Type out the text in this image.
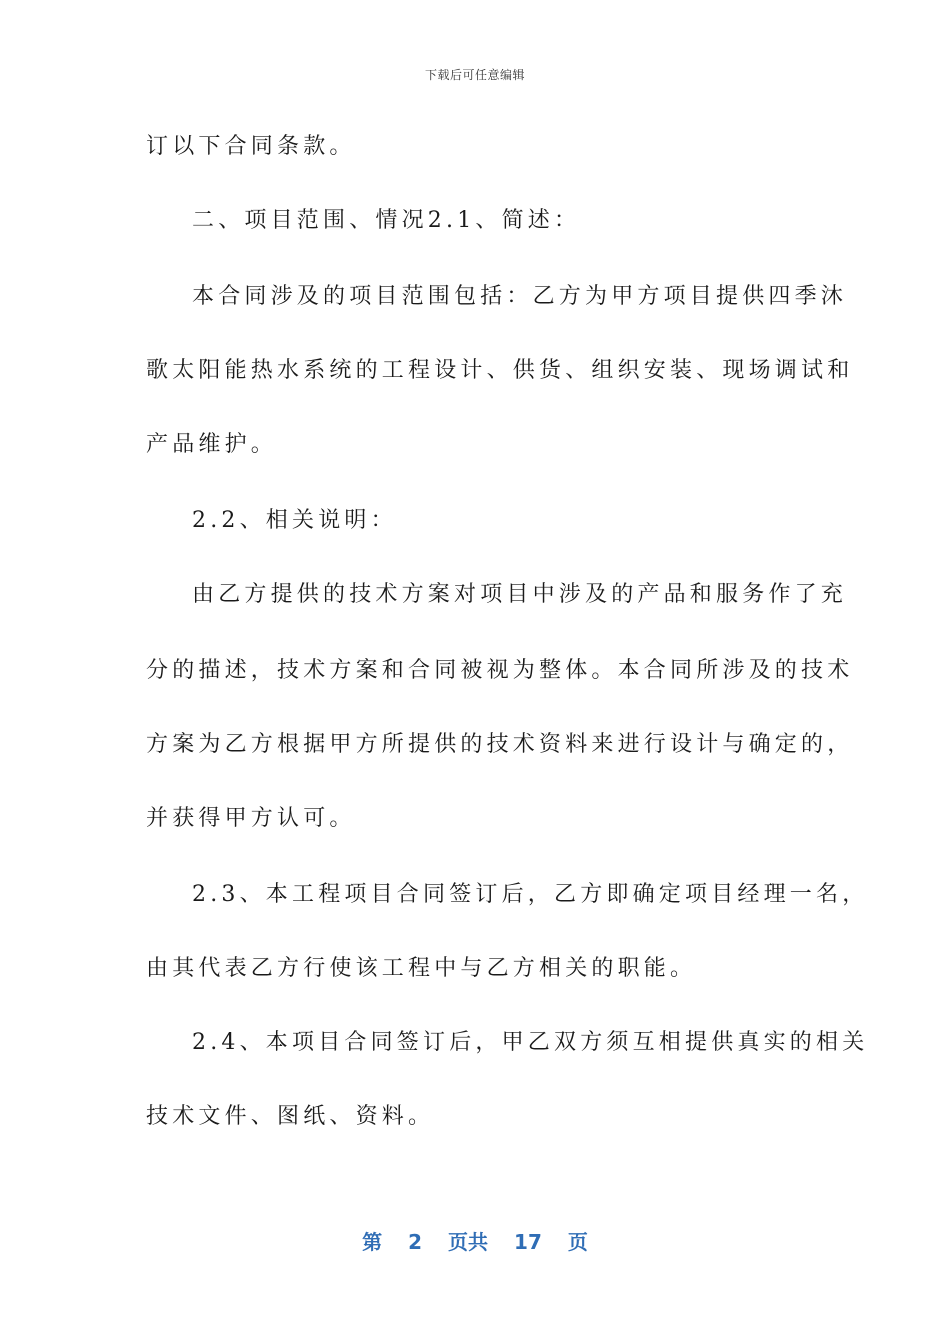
下载后可任意编辑
订以下合同条款。
二、项目范围、情况2.1、简述：
本合同涉及的项目范围包括：乙方为甲方项目提供四季沐
歌太阳能热水系统的工程设计、供货、组织安装、现场调试和
产品维护。
2.2、相关说明：
由乙方提供的技术方案对项目中涉及的产品和服务作了充
分的描述，技术方案和合同被视为整体。本合同所涉及的技术
方案为乙方根据甲方所提供的技术资料来进行设计与确定的，
并获得甲方认可。
2.3、本工程项目合同签订后，乙方即确定项目经理一名，
由其代表乙方行使该工程中与乙方相关的职能。
2.4、本项目合同签订后，甲乙双方须互相提供真实的相关
技术文件、图纸、资料。
第 2 页共 17 页
